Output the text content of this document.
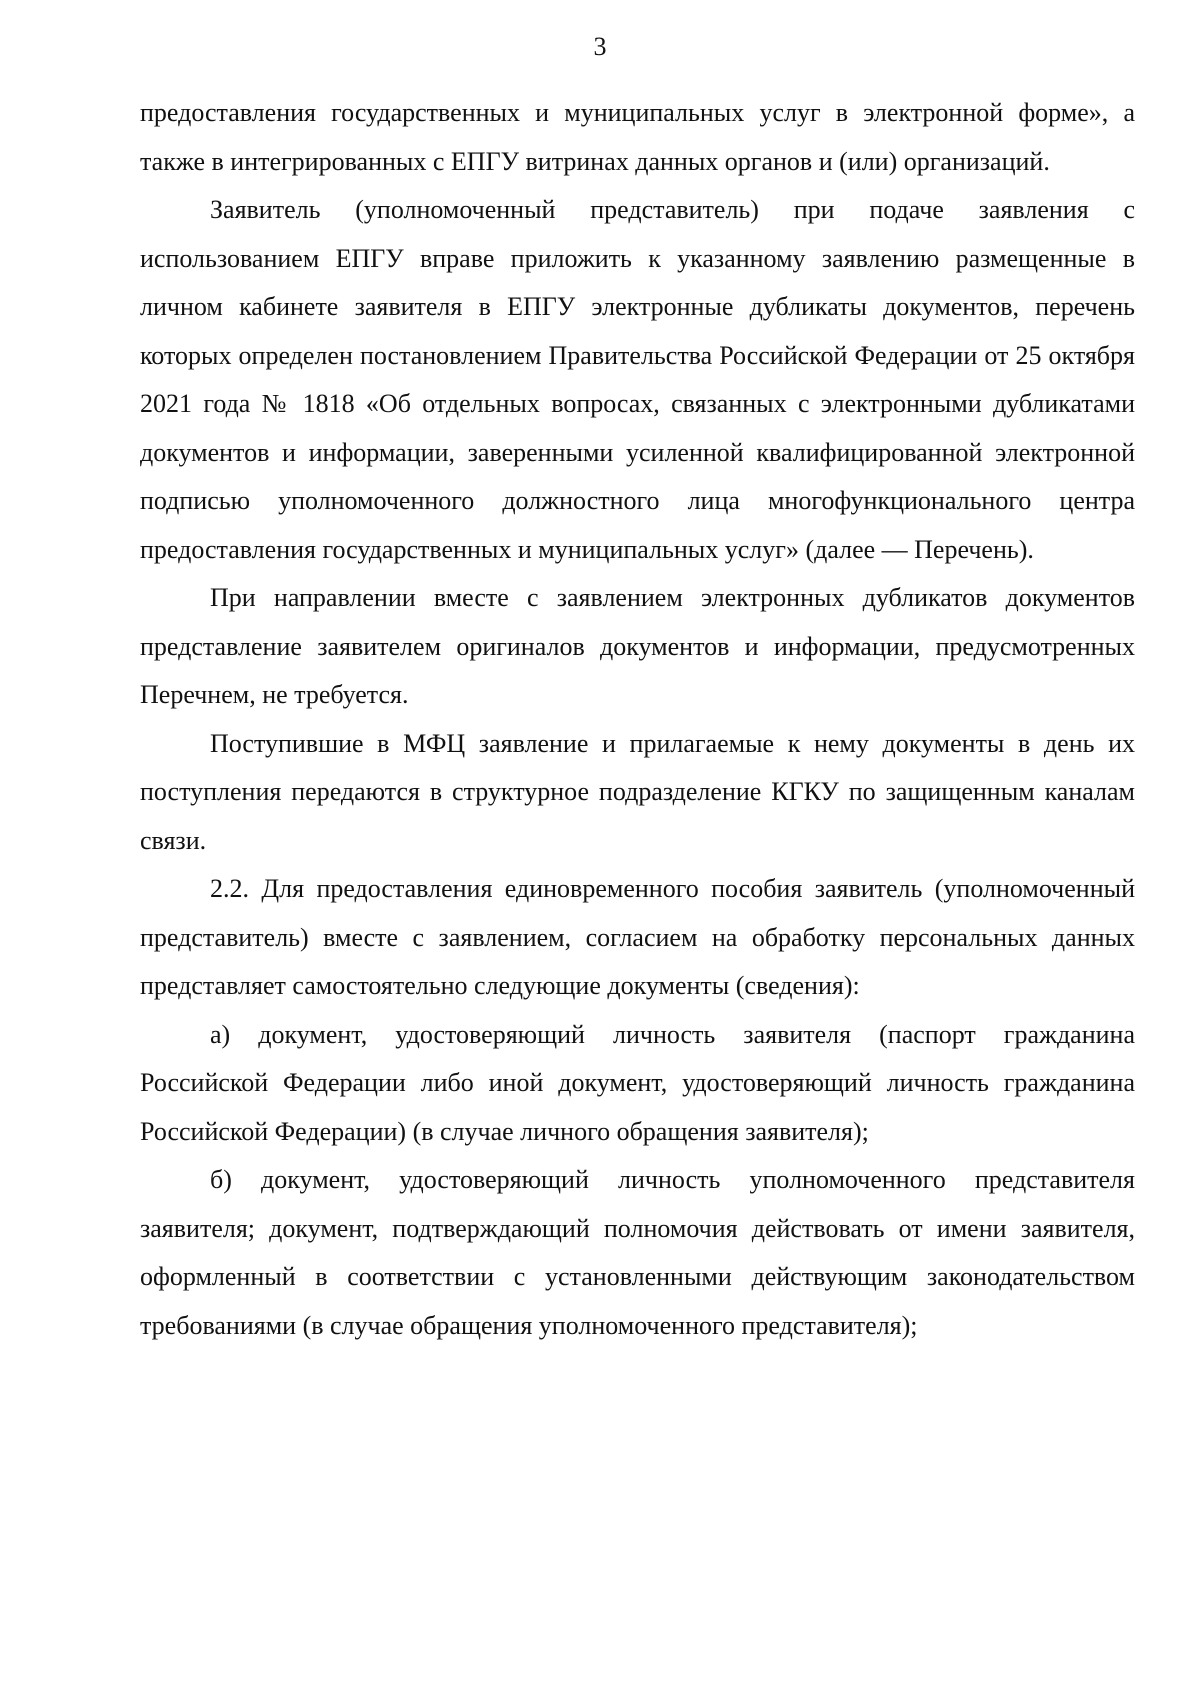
3

предоставления государственных и муниципальных услуг в электронной форме», а также в интегрированных с ЕПГУ витринах данных органов и (или) организаций.

Заявитель (уполномоченный представитель) при подаче заявления с использованием ЕПГУ вправе приложить к указанному заявлению размещенные в личном кабинете заявителя в ЕПГУ электронные дубликаты документов, перечень которых определен постановлением Правительства Российской Федерации от 25 октября 2021 года № 1818 «Об отдельных вопросах, связанных с электронными дубликатами документов и информации, заверенными усиленной квалифицированной электронной подписью уполномоченного должностного лица многофункционального центра предоставления государственных и муниципальных услуг» (далее — Перечень).

При направлении вместе с заявлением электронных дубликатов документов представление заявителем оригиналов документов и информации, предусмотренных Перечнем, не требуется.

Поступившие в МФЦ заявление и прилагаемые к нему документы в день их поступления передаются в структурное подразделение КГКУ по защищенным каналам связи.

2.2. Для предоставления единовременного пособия заявитель (уполномоченный представитель) вместе с заявлением, согласием на обработку персональных данных представляет самостоятельно следующие документы (сведения):

а) документ, удостоверяющий личность заявителя (паспорт гражданина Российской Федерации либо иной документ, удостоверяющий личность гражданина Российской Федерации) (в случае личного обращения заявителя);

б) документ, удостоверяющий личность уполномоченного представителя заявителя; документ, подтверждающий полномочия действовать от имени заявителя, оформленный в соответствии с установленными действующим законодательством требованиями (в случае обращения уполномоченного представителя);
